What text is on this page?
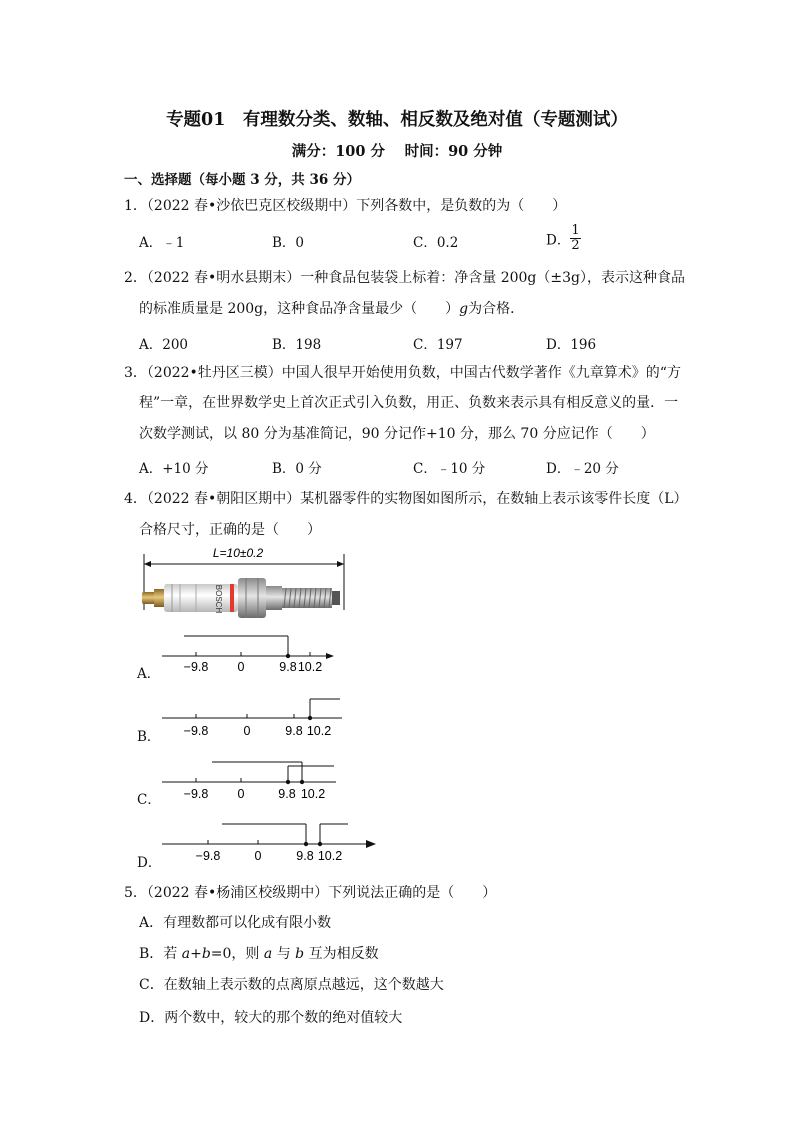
专题01　有理数分类、数轴、相反数及绝对值（专题测试）
满分：100 分　 时间：90 分钟
一、选择题（每小题 3 分，共 36 分）
1．（2022 春•沙依巴克区校级期中）下列各数中，是负数的为（　　）
A．﹣1	B．0	C．0.2	D． $\frac{1}{2}$
2．（2022 春•明水县期末）一种食品包装袋上标着：净含量 200g（±3g），表示这种食品
的标准质量是 200g，这种食品净含量最少（　　）g为合格．
A．200	B．198	C．197	D．196
3．（2022•牡丹区三模）中国人很早开始使用负数，中国古代数学著作《九章算术》的“方
程”一章，在世界数学史上首次正式引入负数，用正、负数来表示具有相反意义的量．一
次数学测试，以 80 分为基准简记，90 分记作+10 分，那么 70 分应记作（　　）
A．+10 分	B．0 分	C．﹣10 分	D．﹣20 分
4．（2022 春•朝阳区期中）某机器零件的实物图如图所示，在数轴上表示该零件长度（L）
合格尺寸，正确的是（　　）
L=10±0.2
BOSCH
A． −9.8 0	9.8 10.2
B． −9.8	0	9.8 10.2
C． −9.8 0	9.8 10.2
D．	−9.8	0	9.8 10.2
5．（2022 春•杨浦区校级期中）下列说法正确的是（　　）
A．有理数都可以化成有限小数
B．若 a+b=0，则 a 与 b 互为相反数
C．在数轴上表示数的点离原点越远，这个数越大
D．两个数中，较大的那个数的绝对值较大
